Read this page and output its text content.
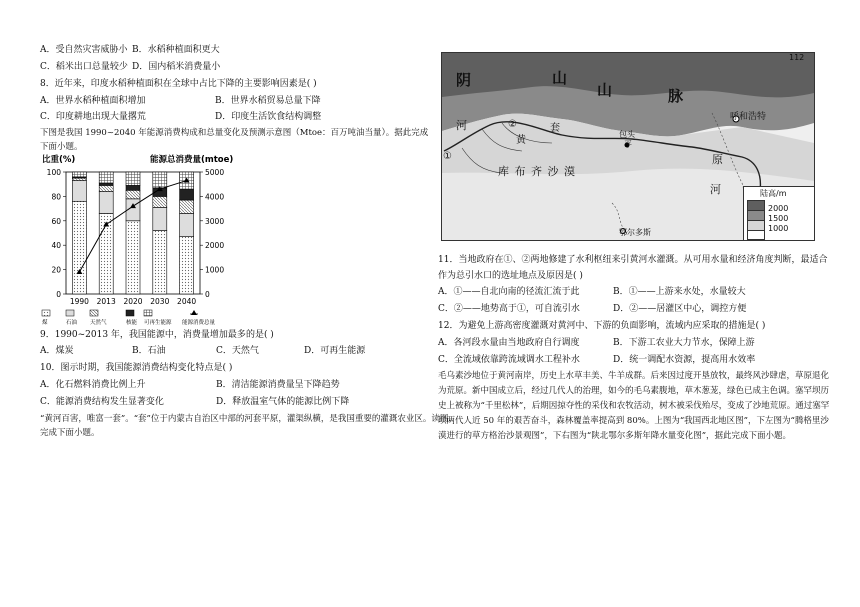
A．受自然灾害威胁小 B．水稻种植面积更大
C．稻米出口总量较少 D．国内稻米消费量小
8．近年来，印度水稻种植面积在全球中占比下降的主要影响因素是( )
A．世界水稻种植面积增加	B．世界水稻贸易总量下降
C．印度耕地出现大量撂荒	D．印度生活饮食结构调整
下图是我国 1990~2040 年能源消费构成和总量变化及预测示意图（Mtoe：百万吨油当量）。据此完成
下面小题。
比重(%)	能源总消费量(mtoe)
100
80
60
40
20
0
5000
4000
3000
2000
1000
0
1990 2013 2020 2030 2040
煤	石油 天然气	核能 可再生能源 能源消费总量
9．1990~2013 年，我国能源中，消费量增加最多的是( )
A．煤炭	B．石油	C．天然气	D．可再生能源
10．图示时期，我国能源消费结构变化特点是( )
A．化石燃料消费比例上升	B．清洁能源消费量呈下降趋势
C．能源消费结构发生显著变化	D．释放温室气体的能源比例下降
“黄河百害，唯富一套”。“套”位于内蒙古自治区中部的河套平原，灌渠纵横，是我国重要的灌溉农业区。读图，
完成下面小题。
阴	山
山	脉
112
河	②
黄
套
①
包头
平
呼和浩特
库 布 齐 沙 漠
原
河
鄂尔多斯
陆高/m
2000
1500
1000
11．当地政府在①、②两地修建了水利枢纽来引黄河水灌溉。从可用水量和经济角度判断，最适合
作为总引水口的选址地点及原因是( )
A．①——自北向南的径流汇流于此	B．①——上游来水处，水量较大
C．②——地势高于①，可自流引水	D．②——居灌区中心，调控方便
12．为避免上游高密度灌溉对黄河中、下游的负面影响，流域内应采取的措施是( )
A．各河段水量由当地政府自行调度	B．下游工农业大力节水，保障上游
C．全流域依靠跨流域调水工程补水	D．统一调配水资源，提高用水效率
毛乌素沙地位于黄河南岸，历史上水草丰美、牛羊成群。后来因过度开垦放牧，最终风沙肆虐，草原退化
为荒原。新中国成立后，经过几代人的治理，如今的毛乌素腹地，草木葱茏，绿色已成主色调。塞罕坝历
史上被称为“千里松林”，后期因掠夺性的采伐和农牧活动，树木被采伐殆尽，变成了沙地荒原。通过塞罕
坝两代人近 50 年的艰苦奋斗，森林覆盖率提高到 80%。上图为“我国西北地区图”，下左图为“腾格里沙
漠进行的草方格治沙景观图”，下右图为“陕北鄂尔多斯年降水量变化图”，据此完成下面小题。
